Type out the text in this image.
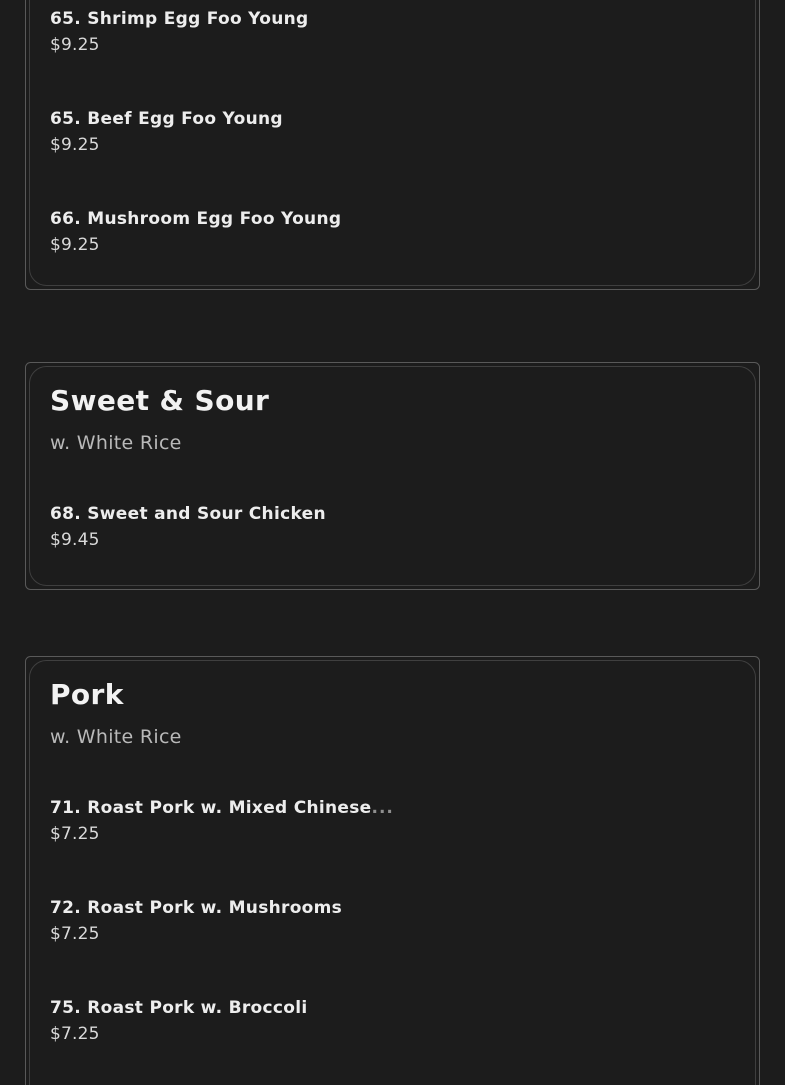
65. Shrimp Egg Foo Young
$9.25
65. Beef Egg Foo Young
$9.25
66. Mushroom Egg Foo Young
$9.25
Sweet & Sour
w. White Rice
68. Sweet and Sour Chicken
$9.45
Pork
w. White Rice
71. Roast Pork w. Mixed Chinese...
$7.25
72. Roast Pork w. Mushrooms
$7.25
75. Roast Pork w. Broccoli
$7.25
